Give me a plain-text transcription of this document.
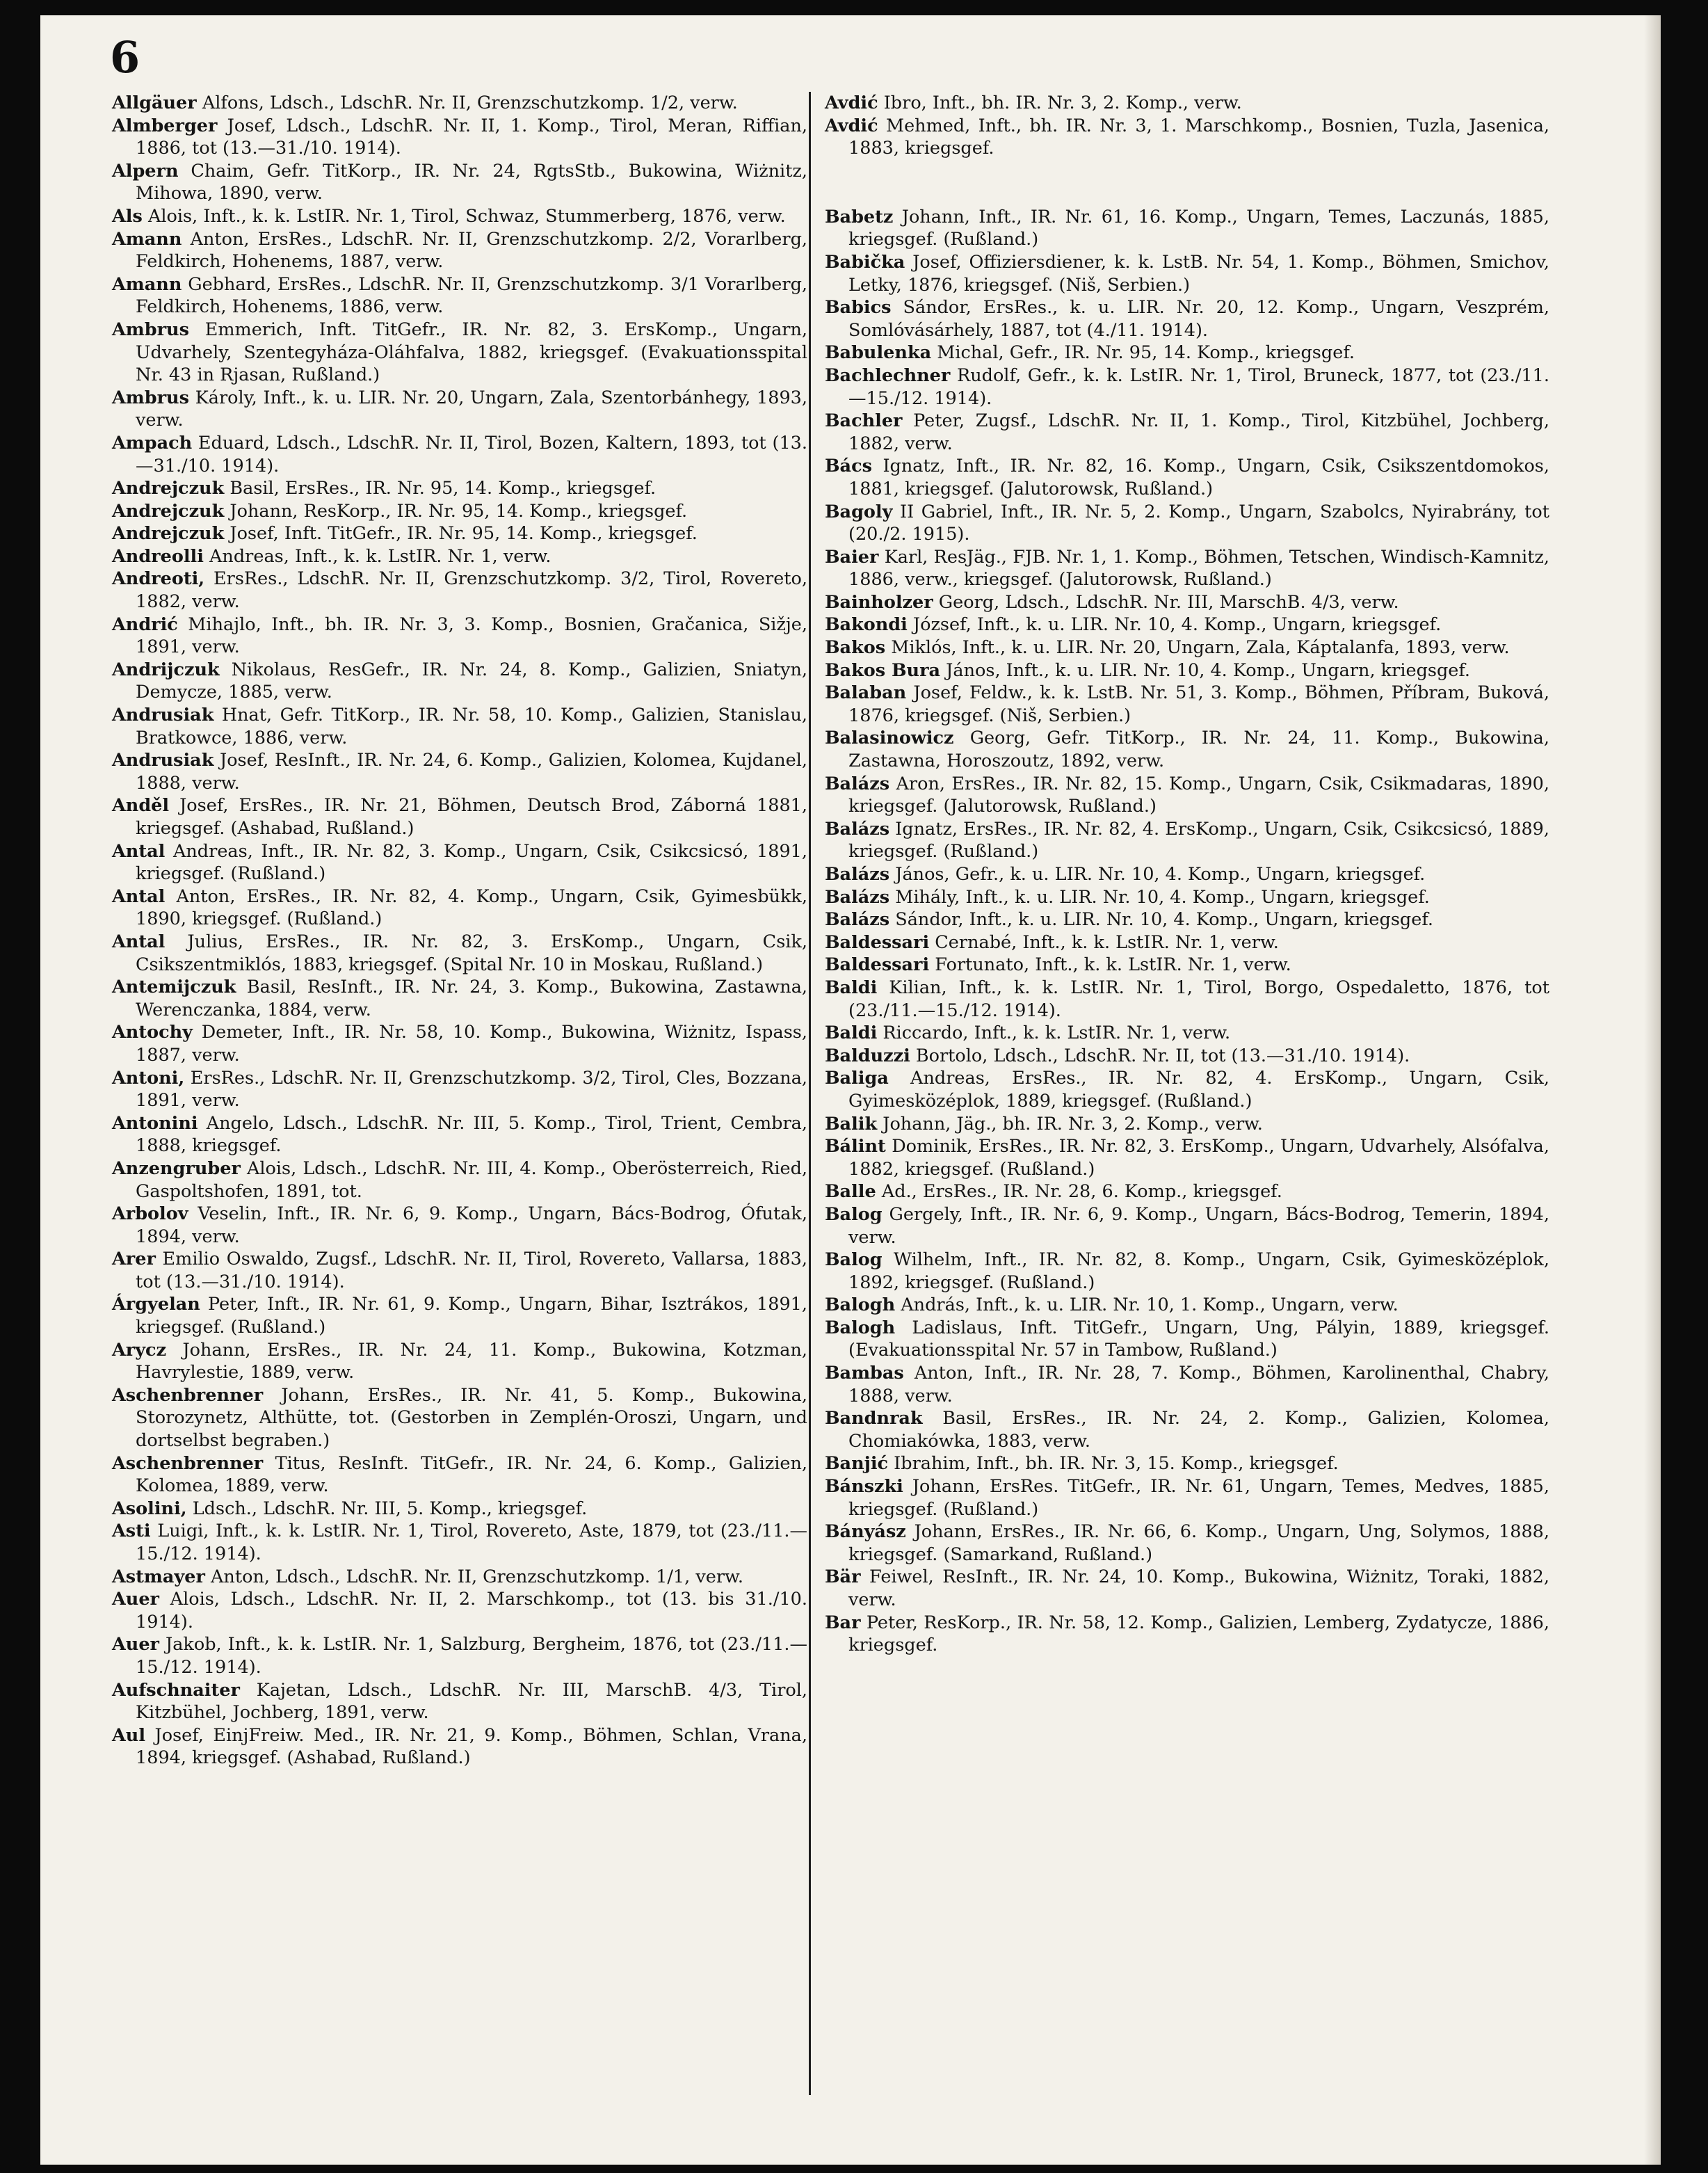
6

Allgäuer Alfons, Ldsch., LdschR. Nr. II, Grenzschutzkomp. 1/2, verw.

Almberger Josef, Ldsch., LdschR. Nr. II, 1. Komp., Tirol, Meran, Riffian, 1886, tot (13.—31./10. 1914).

Alpern Chaim, Gefr. TitKorp., IR. Nr. 24, RgtsStb., Bukowina, Wiżnitz, Mihowa, 1890, verw.

Als Alois, Inft., k. k. LstIR. Nr. 1, Tirol, Schwaz, Stummerberg, 1876, verw.

Amann Anton, ErsRes., LdschR. Nr. II, Grenzschutzkomp. 2/2, Vorarlberg, Feldkirch, Hohenems, 1887, verw.

Amann Gebhard, ErsRes., LdschR. Nr. II, Grenzschutzkomp. 3/1 Vorarlberg, Feldkirch, Hohenems, 1886, verw.

Ambrus Emmerich, Inft. TitGefr., IR. Nr. 82, 3. ErsKomp., Ungarn, Udvarhely, Szentegyháza-Oláhfalva, 1882, kriegsgef. (Evakuationsspital Nr. 43 in Rjasan, Rußland.)

Ambrus Károly, Inft., k. u. LIR. Nr. 20, Ungarn, Zala, Szentorbánhegy, 1893, verw.

Ampach Eduard, Ldsch., LdschR. Nr. II, Tirol, Bozen, Kaltern, 1893, tot (13.—31./10. 1914).

Andrejczuk Basil, ErsRes., IR. Nr. 95, 14. Komp., kriegsgef.

Andrejczuk Johann, ResKorp., IR. Nr. 95, 14. Komp., kriegsgef.

Andrejczuk Josef, Inft. TitGefr., IR. Nr. 95, 14. Komp., kriegsgef.

Andreolli Andreas, Inft., k. k. LstIR. Nr. 1, verw.

Andreoti, ErsRes., LdschR. Nr. II, Grenzschutzkomp. 3/2, Tirol, Rovereto, 1882, verw.

Andrić Mihajlo, Inft., bh. IR. Nr. 3, 3. Komp., Bosnien, Gračanica, Sižje, 1891, verw.

Andrijczuk Nikolaus, ResGefr., IR. Nr. 24, 8. Komp., Galizien, Sniatyn, Demycze, 1885, verw.

Andrusiak Hnat, Gefr. TitKorp., IR. Nr. 58, 10. Komp., Galizien, Stanislau, Bratkowce, 1886, verw.

Andrusiak Josef, ResInft., IR. Nr. 24, 6. Komp., Galizien, Kolomea, Kujdanel, 1888, verw.

Anděl Josef, ErsRes., IR. Nr. 21, Böhmen, Deutsch Brod, Záborná 1881, kriegsgef. (Ashabad, Rußland.)

Antal Andreas, Inft., IR. Nr. 82, 3. Komp., Ungarn, Csik, Csikcsicsó, 1891, kriegsgef. (Rußland.)

Antal Anton, ErsRes., IR. Nr. 82, 4. Komp., Ungarn, Csik, Gyimesbükk, 1890, kriegsgef. (Rußland.)

Antal Julius, ErsRes., IR. Nr. 82, 3. ErsKomp., Ungarn, Csik, Csikszentmiklós, 1883, kriegsgef. (Spital Nr. 10 in Moskau, Rußland.)

Antemijczuk Basil, ResInft., IR. Nr. 24, 3. Komp., Bukowina, Zastawna, Werenczanka, 1884, verw.

Antochy Demeter, Inft., IR. Nr. 58, 10. Komp., Bukowina, Wiżnitz, Ispass, 1887, verw.

Antoni, ErsRes., LdschR. Nr. II, Grenzschutzkomp. 3/2, Tirol, Cles, Bozzana, 1891, verw.

Antonini Angelo, Ldsch., LdschR. Nr. III, 5. Komp., Tirol, Trient, Cembra, 1888, kriegsgef.

Anzengruber Alois, Ldsch., LdschR. Nr. III, 4. Komp., Oberösterreich, Ried, Gaspoltshofen, 1891, tot.

Arbolov Veselin, Inft., IR. Nr. 6, 9. Komp., Ungarn, Bács-Bodrog, Ófutak, 1894, verw.

Arer Emilio Oswaldo, Zugsf., LdschR. Nr. II, Tirol, Rovereto, Vallarsa, 1883, tot (13.—31./10. 1914).

Árgyelan Peter, Inft., IR. Nr. 61, 9. Komp., Ungarn, Bihar, Isztrákos, 1891, kriegsgef. (Rußland.)

Arycz Johann, ErsRes., IR. Nr. 24, 11. Komp., Bukowina, Kotzman, Havrylestie, 1889, verw.

Aschenbrenner Johann, ErsRes., IR. Nr. 41, 5. Komp., Bukowina, Storozynetz, Althütte, tot. (Gestorben in Zemplén-Oroszi, Ungarn, und dortselbst begraben.)

Aschenbrenner Titus, ResInft. TitGefr., IR. Nr. 24, 6. Komp., Galizien, Kolomea, 1889, verw.

Asolini, Ldsch., LdschR. Nr. III, 5. Komp., kriegsgef.

Asti Luigi, Inft., k. k. LstIR. Nr. 1, Tirol, Rovereto, Aste, 1879, tot (23./11.—15./12. 1914).

Astmayer Anton, Ldsch., LdschR. Nr. II, Grenzschutzkomp. 1/1, verw.

Auer Alois, Ldsch., LdschR. Nr. II, 2. Marschkomp., tot (13. bis 31./10. 1914).

Auer Jakob, Inft., k. k. LstIR. Nr. 1, Salzburg, Bergheim, 1876, tot (23./11.—15./12. 1914).

Aufschnaiter Kajetan, Ldsch., LdschR. Nr. III, MarschB. 4/3, Tirol, Kitzbühel, Jochberg, 1891, verw.

Aul Josef, EinjFreiw. Med., IR. Nr. 21, 9. Komp., Böhmen, Schlan, Vrana, 1894, kriegsgef. (Ashabad, Rußland.)

Avdić Ibro, Inft., bh. IR. Nr. 3, 2. Komp., verw.

Avdić Mehmed, Inft., bh. IR. Nr. 3, 1. Marschkomp., Bosnien, Tuzla, Jasenica, 1883, kriegsgef.

Babetz Johann, Inft., IR. Nr. 61, 16. Komp., Ungarn, Temes, Laczunás, 1885, kriegsgef. (Rußland.)

Babička Josef, Offiziersdiener, k. k. LstB. Nr. 54, 1. Komp., Böhmen, Smichov, Letky, 1876, kriegsgef. (Niš, Serbien.)

Babics Sándor, ErsRes., k. u. LIR. Nr. 20, 12. Komp., Ungarn, Veszprém, Somlóvásárhely, 1887, tot (4./11. 1914).

Babulenka Michal, Gefr., IR. Nr. 95, 14. Komp., kriegsgef.

Bachlechner Rudolf, Gefr., k. k. LstIR. Nr. 1, Tirol, Bruneck, 1877, tot (23./11.—15./12. 1914).

Bachler Peter, Zugsf., LdschR. Nr. II, 1. Komp., Tirol, Kitzbühel, Jochberg, 1882, verw.

Bács Ignatz, Inft., IR. Nr. 82, 16. Komp., Ungarn, Csik, Csikszentdomokos, 1881, kriegsgef. (Jalutorowsk, Rußland.)

Bagoly II Gabriel, Inft., IR. Nr. 5, 2. Komp., Ungarn, Szabolcs, Nyirabrány, tot (20./2. 1915).

Baier Karl, ResJäg., FJB. Nr. 1, 1. Komp., Böhmen, Tetschen, Windisch-Kamnitz, 1886, verw., kriegsgef. (Jalutorowsk, Rußland.)

Bainholzer Georg, Ldsch., LdschR. Nr. III, MarschB. 4/3, verw.

Bakondi József, Inft., k. u. LIR. Nr. 10, 4. Komp., Ungarn, kriegsgef.

Bakos Miklós, Inft., k. u. LIR. Nr. 20, Ungarn, Zala, Káptalanfa, 1893, verw.

Bakos Bura János, Inft., k. u. LIR. Nr. 10, 4. Komp., Ungarn, kriegsgef.

Balaban Josef, Feldw., k. k. LstB. Nr. 51, 3. Komp., Böhmen, Příbram, Buková, 1876, kriegsgef. (Niš, Serbien.)

Balasinowicz Georg, Gefr. TitKorp., IR. Nr. 24, 11. Komp., Bukowina, Zastawna, Horoszoutz, 1892, verw.

Balázs Aron, ErsRes., IR. Nr. 82, 15. Komp., Ungarn, Csik, Csikmadaras, 1890, kriegsgef. (Jalutorowsk, Rußland.)

Balázs Ignatz, ErsRes., IR. Nr. 82, 4. ErsKomp., Ungarn, Csik, Csikcsicsó, 1889, kriegsgef. (Rußland.)

Balázs János, Gefr., k. u. LIR. Nr. 10, 4. Komp., Ungarn, kriegsgef.

Balázs Mihály, Inft., k. u. LIR. Nr. 10, 4. Komp., Ungarn, kriegsgef.

Balázs Sándor, Inft., k. u. LIR. Nr. 10, 4. Komp., Ungarn, kriegsgef.

Baldessari Cernabé, Inft., k. k. LstIR. Nr. 1, verw.

Baldessari Fortunato, Inft., k. k. LstIR. Nr. 1, verw.

Baldi Kilian, Inft., k. k. LstIR. Nr. 1, Tirol, Borgo, Ospedaletto, 1876, tot (23./11.—15./12. 1914).

Baldi Riccardo, Inft., k. k. LstIR. Nr. 1, verw.

Balduzzi Bortolo, Ldsch., LdschR. Nr. II, tot (13.—31./10. 1914).

Baliga Andreas, ErsRes., IR. Nr. 82, 4. ErsKomp., Ungarn, Csik, Gyimesközéplok, 1889, kriegsgef. (Rußland.)

Balik Johann, Jäg., bh. IR. Nr. 3, 2. Komp., verw.

Bálint Dominik, ErsRes., IR. Nr. 82, 3. ErsKomp., Ungarn, Udvarhely, Alsófalva, 1882, kriegsgef. (Rußland.)

Balle Ad., ErsRes., IR. Nr. 28, 6. Komp., kriegsgef.

Balog Gergely, Inft., IR. Nr. 6, 9. Komp., Ungarn, Bács-Bodrog, Temerin, 1894, verw.

Balog Wilhelm, Inft., IR. Nr. 82, 8. Komp., Ungarn, Csik, Gyimesközéplok, 1892, kriegsgef. (Rußland.)

Balogh András, Inft., k. u. LIR. Nr. 10, 1. Komp., Ungarn, verw.

Balogh Ladislaus, Inft. TitGefr., Ungarn, Ung, Pályin, 1889, kriegsgef. (Evakuationsspital Nr. 57 in Tambow, Rußland.)

Bambas Anton, Inft., IR. Nr. 28, 7. Komp., Böhmen, Karolinenthal, Chabry, 1888, verw.

Bandnrak Basil, ErsRes., IR. Nr. 24, 2. Komp., Galizien, Kolomea, Chomiakówka, 1883, verw.

Banjić Ibrahim, Inft., bh. IR. Nr. 3, 15. Komp., kriegsgef.

Bánszki Johann, ErsRes. TitGefr., IR. Nr. 61, Ungarn, Temes, Medves, 1885, kriegsgef. (Rußland.)

Bányász Johann, ErsRes., IR. Nr. 66, 6. Komp., Ungarn, Ung, Solymos, 1888, kriegsgef. (Samarkand, Rußland.)

Bär Feiwel, ResInft., IR. Nr. 24, 10. Komp., Bukowina, Wiżnitz, Toraki, 1882, verw.

Bar Peter, ResKorp., IR. Nr. 58, 12. Komp., Galizien, Lemberg, Zydatycze, 1886, kriegsgef.
